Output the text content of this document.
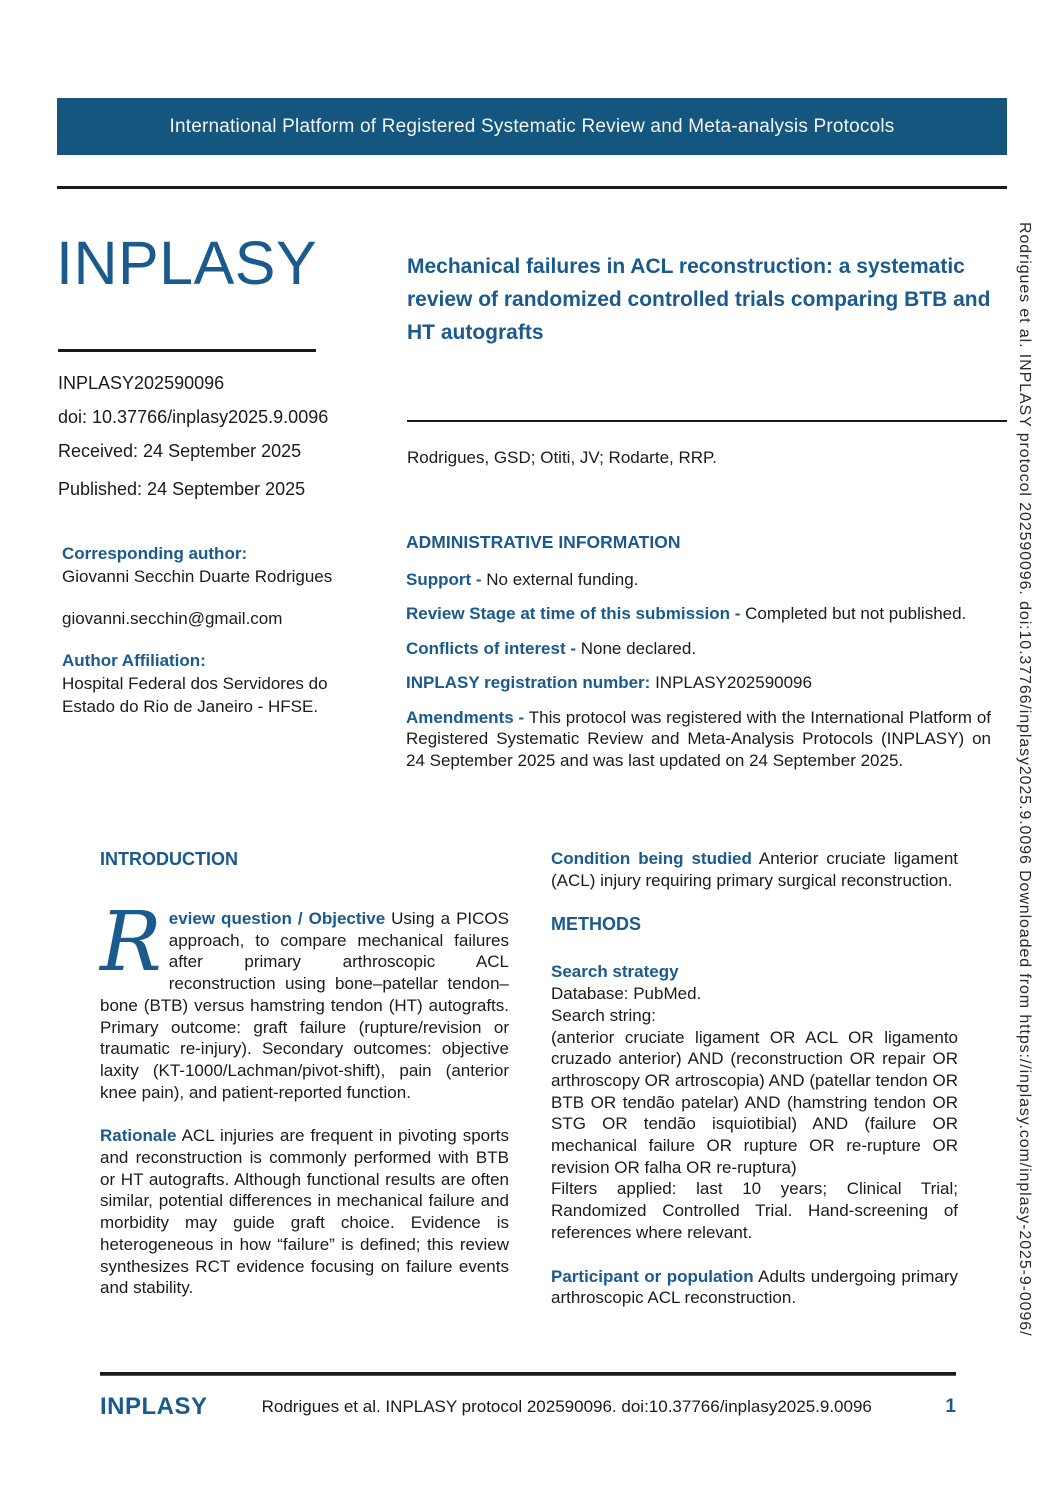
International Platform of Registered Systematic Review and Meta-analysis Protocols
INPLASY

INPLASY202590096

doi: 10.37766/inplasy2025.9.0096

Received: 24 September 2025

Published: 24 September 2025

Mechanical failures in ACL reconstruction: a systematic review of randomized controlled trials comparing BTB and HT autografts
Rodrigues, GSD; Otiti, JV; Rodarte, RRP.
Corresponding author:
Giovanni Secchin Duarte Rodrigues
giovanni.secchin@gmail.com
Author Affiliation:
Hospital Federal dos Servidores do Estado do Rio de Janeiro - HFSE.
ADMINISTRATIVE INFORMATION

Support - No external funding.

Review Stage at time of this submission - Completed but not published.

Conflicts of interest - None declared.

INPLASY registration number: INPLASY202590096

Amendments - This protocol was registered with the International Platform of Registered Systematic Review and Meta-Analysis Protocols (INPLASY) on 24 September 2025 and was last updated on 24 September 2025.

INTRODUCTION

Review question / Objective Using a PICOS approach, to compare mechanical failures after primary arthroscopic ACL reconstruction using bone–patellar tendon–bone (BTB) versus hamstring tendon (HT) autografts. Primary outcome: graft failure (rupture/revision or traumatic re-injury). Secondary outcomes: objective laxity (KT-1000/Lachman/pivot-shift), pain (anterior knee pain), and patient-reported function.

Rationale ACL injuries are frequent in pivoting sports and reconstruction is commonly performed with BTB or HT autografts. Although functional results are often similar, potential differences in mechanical failure and morbidity may guide graft choice. Evidence is heterogeneous in how “failure” is defined; this review synthesizes RCT evidence focusing on failure events and stability.

Condition being studied Anterior cruciate ligament (ACL) injury requiring primary surgical reconstruction.

METHODS
Search strategy

Database: PubMed.

Search string:

(anterior cruciate ligament OR ACL OR ligamento cruzado anterior) AND (reconstruction OR repair OR arthroscopy OR artroscopia) AND (patellar tendon OR BTB OR tendão patelar) AND (hamstring tendon OR STG OR tendão isquiotibial) AND (failure OR mechanical failure OR rupture OR re-rupture OR revision OR falha OR re-ruptura)

Filters applied: last 10 years; Clinical Trial; Randomized Controlled Trial. Hand-screening of references where relevant.

Participant or population Adults undergoing primary arthroscopic ACL reconstruction.

INPLASY	Rodrigues et al. INPLASY protocol 202590096. doi:10.37766/inplasy2025.9.0096	1
Rodrigues et al. INPLASY protocol 202590096. doi:10.37766/inplasy2025.9.0096 Downloaded from https://inplasy.com/inplasy-2025-9-0096/
